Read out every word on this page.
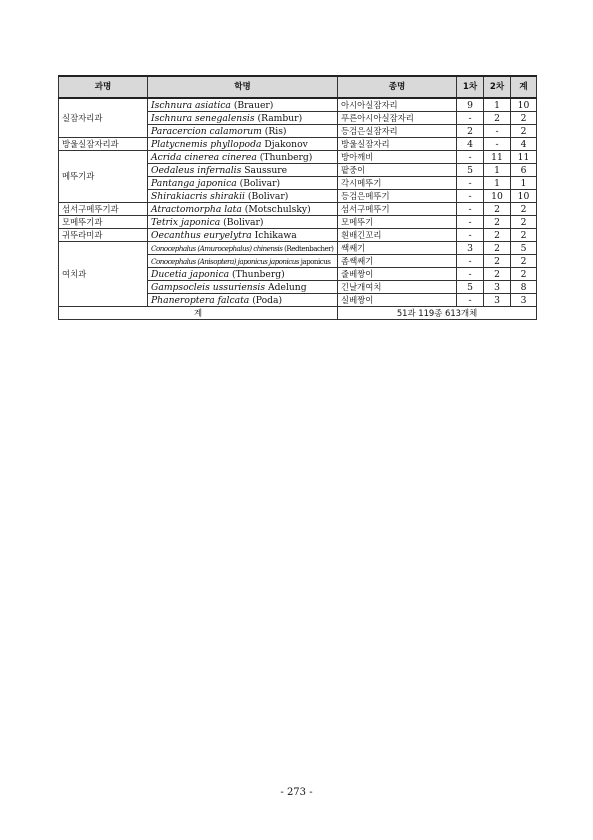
과명	학명	종명	1차	2차	계
실잠자리과	Ischnura asiatica (Brauer)	아시아실잠자리	9	1	10
	Ischnura senegalensis (Rambur)	푸른아시아실잠자리	-	2	2
	Paracercion calamorum (Ris)	등검은실잠자리	2	-	2
방울실잠자리과	Platycnemis phyllopoda Djakonov	방울실잠자리	4	-	4
메뚜기과	Acrida cinerea cinerea (Thunberg)	방아깨비	-	11	11
	Oedaleus infernalis Saussure	팥중이	5	1	6
	Pantanga japonica (Bolivar)	각시메뚜기	-	1	1
	Shirakiacris shirakii (Bolivar)	등검은메뚜기	-	10	10
섬서구메뚜기과	Atractomorpha lata (Motschulsky)	섬서구메뚜기	-	2	2
모메뚜기과	Tetrix japonica (Bolivar)	모메뚜기	-	2	2
귀뚜라미과	Oecanthus euryelytra Ichikawa	흰배긴꼬리	-	2	2
여치과	Conocephalus (Amurocephalus) chinensis (Redtenbacher)	쌕쌔기	3	2	5
	Conocephalus (Anisoptera) japonicus japonicus japonicus	좀쌕쌔기	-	2	2
	Ducetia japonica (Thunberg)	줄베짱이	-	2	2
	Gampsocleis ussuriensis Adelung	긴날개여치	5	3	8
	Phaneroptera falcata (Poda)	실베짱이	-	3	3
계		51과 119종 613개체			
- 273 -
